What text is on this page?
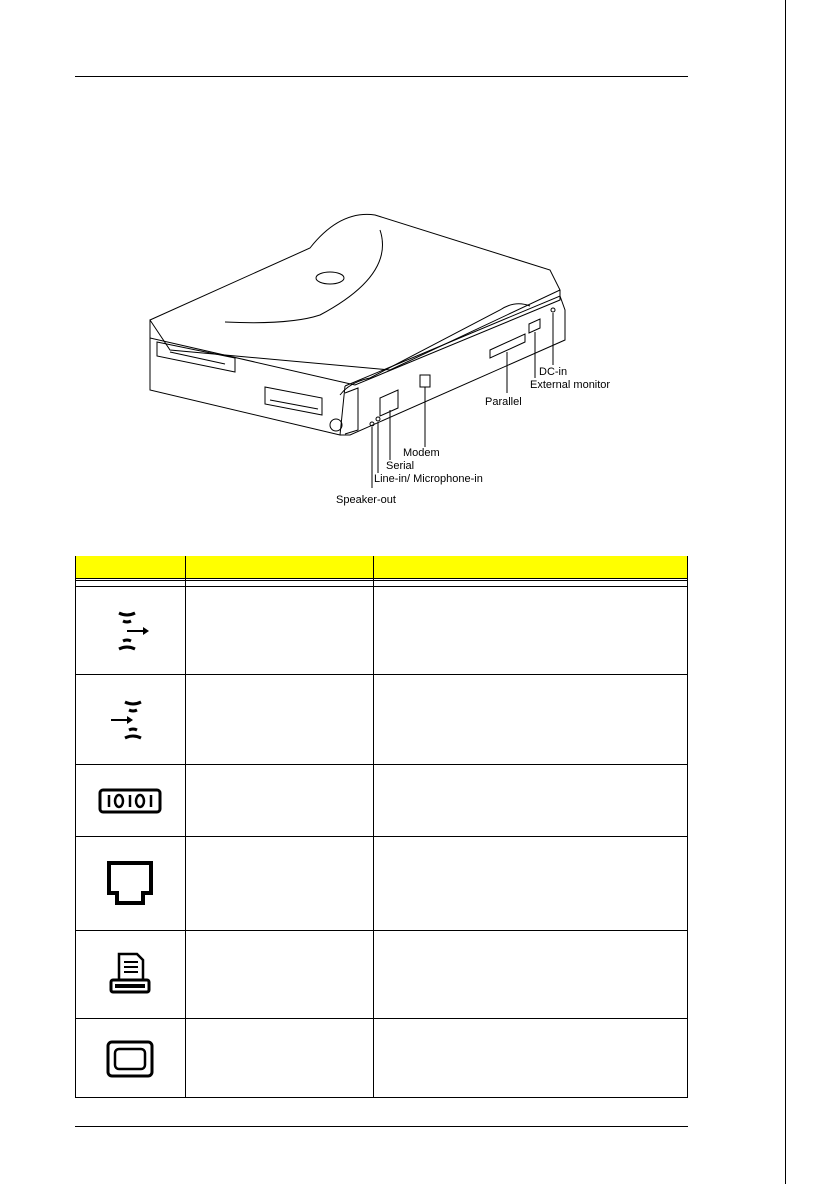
DC-in
External monitor
Parallel
Modem
Serial
Line-in/ Microphone-in
Speaker-out
